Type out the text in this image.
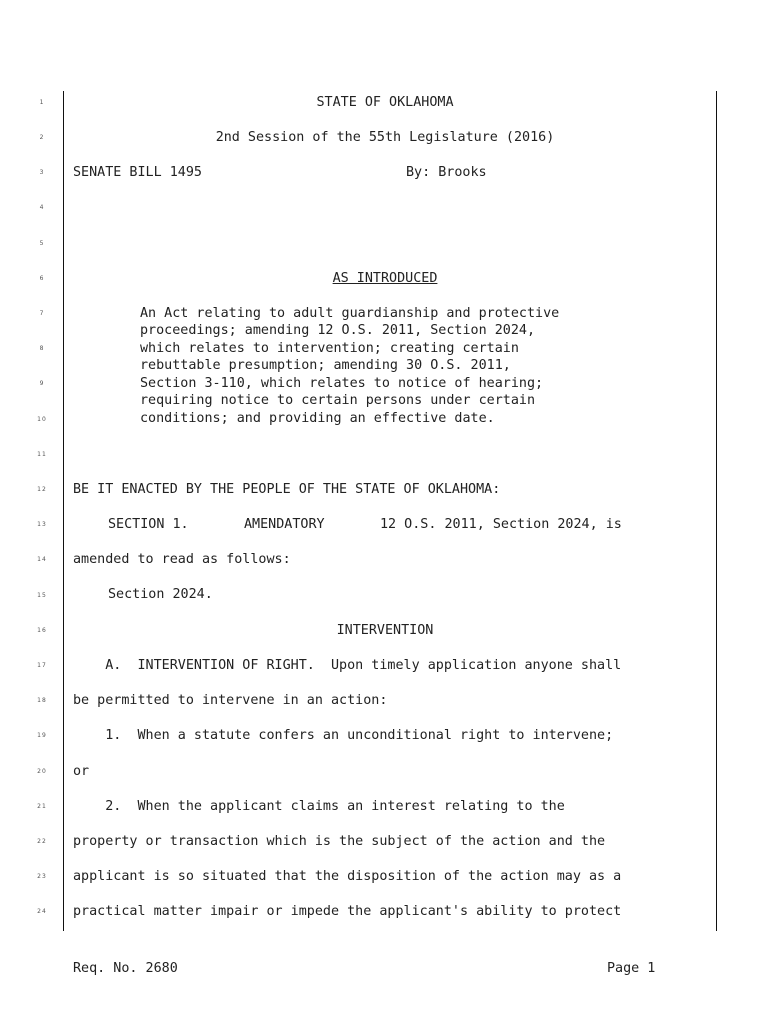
1
2
3
4
5
6
7
8
9
10
11
12
13
14
15
16
17
18
19
20
21
22
23
24
STATE OF OKLAHOMA
2nd Session of the 55th Legislature (2016)
SENATE BILL 1495	By: Brooks
AS INTRODUCED
An Act relating to adult guardianship and protective
proceedings; amending 12 O.S. 2011, Section 2024,
which relates to intervention; creating certain
rebuttable presumption; amending 30 O.S. 2011,
Section 3-110, which relates to notice of hearing;
requiring notice to certain persons under certain
conditions; and providing an effective date.
BE IT ENACTED BY THE PEOPLE OF THE STATE OF OKLAHOMA:
SECTION 1.	AMENDATORY	12 O.S. 2011, Section 2024, is
amended to read as follows:
Section 2024.
INTERVENTION
A.  INTERVENTION OF RIGHT.  Upon timely application anyone shall
be permitted to intervene in an action:
1.  When a statute confers an unconditional right to intervene;
or
2.  When the applicant claims an interest relating to the
property or transaction which is the subject of the action and the
applicant is so situated that the disposition of the action may as a
practical matter impair or impede the applicant's ability to protect
Req. No. 2680	Page 1
